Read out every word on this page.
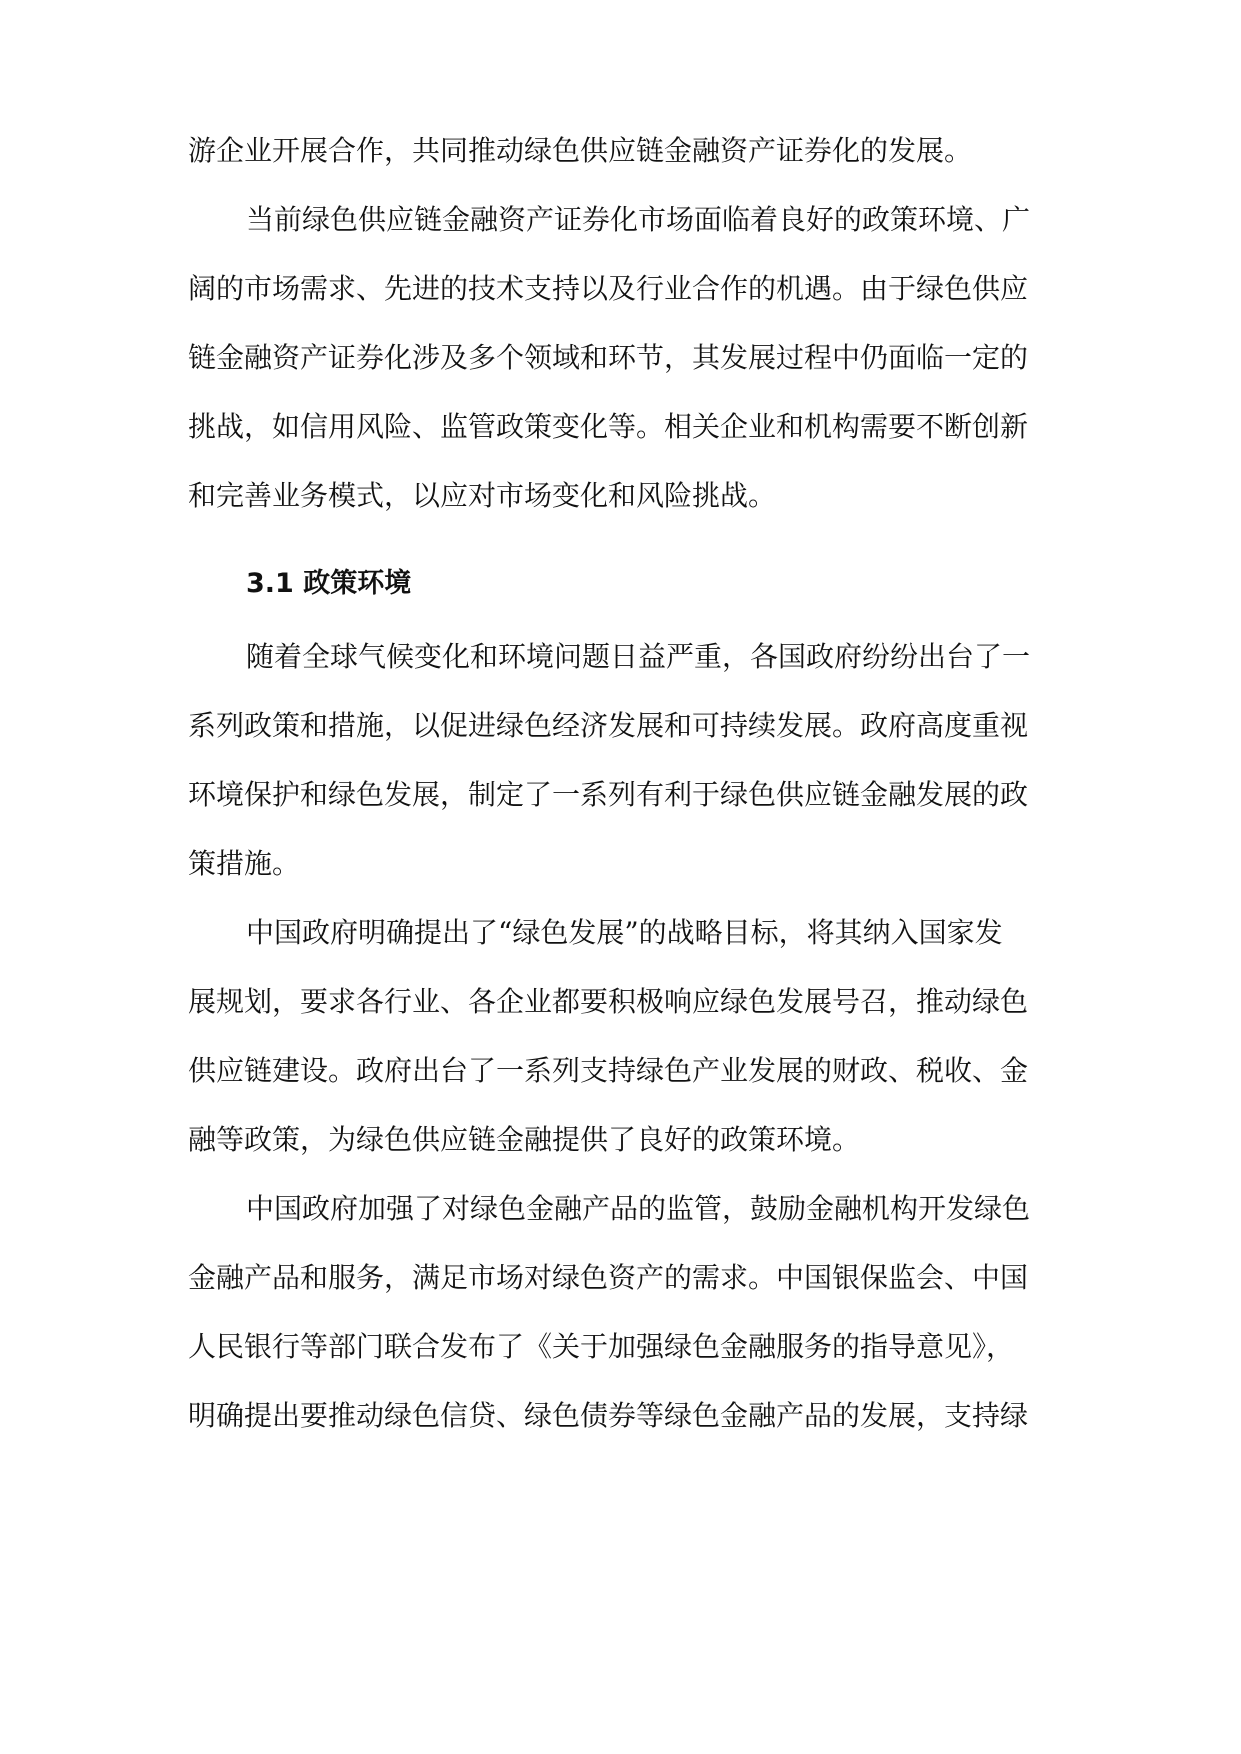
游企业开展合作，共同推动绿色供应链金融资产证券化的发展。
当前绿色供应链金融资产证券化市场面临着良好的政策环境、广
阔的市场需求、先进的技术支持以及行业合作的机遇。由于绿色供应
链金融资产证券化涉及多个领域和环节，其发展过程中仍面临一定的
挑战，如信用风险、监管政策变化等。相关企业和机构需要不断创新
和完善业务模式，以应对市场变化和风险挑战。
3.1 政策环境
随着全球气候变化和环境问题日益严重，各国政府纷纷出台了一
系列政策和措施，以促进绿色经济发展和可持续发展。政府高度重视
环境保护和绿色发展，制定了一系列有利于绿色供应链金融发展的政
策措施。
中国政府明确提出了“绿色发展”的战略目标，将其纳入国家发
展规划，要求各行业、各企业都要积极响应绿色发展号召，推动绿色
供应链建设。政府出台了一系列支持绿色产业发展的财政、税收、金
融等政策，为绿色供应链金融提供了良好的政策环境。
中国政府加强了对绿色金融产品的监管，鼓励金融机构开发绿色
金融产品和服务，满足市场对绿色资产的需求。中国银保监会、中国
人民银行等部门联合发布了《关于加强绿色金融服务的指导意见》，
明确提出要推动绿色信贷、绿色债券等绿色金融产品的发展，支持绿
